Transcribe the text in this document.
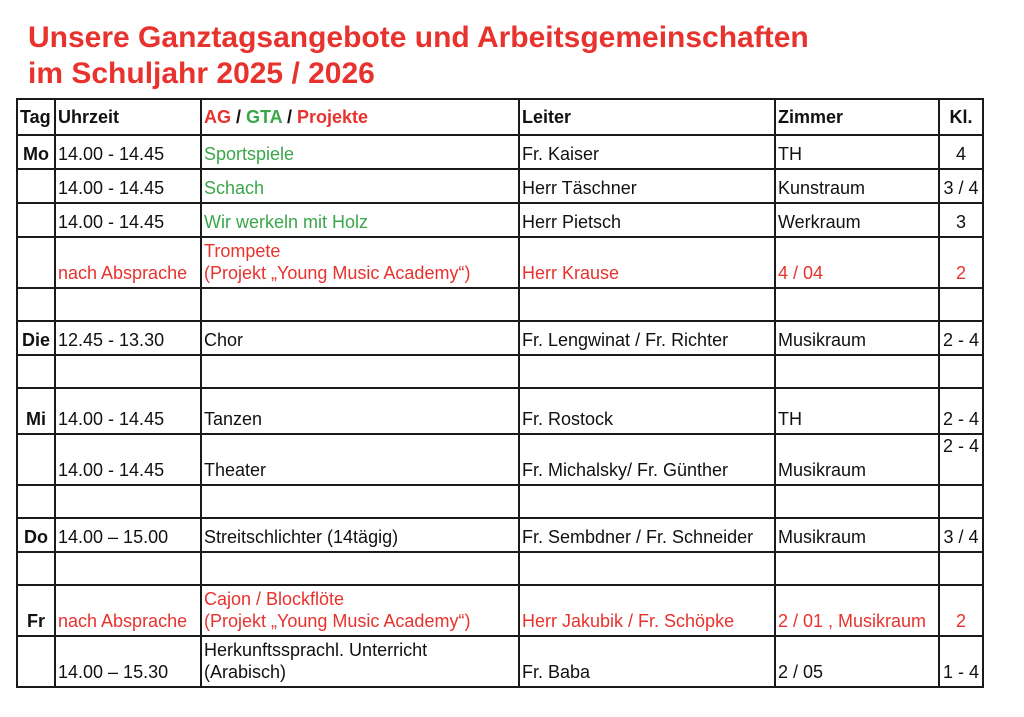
Unsere Ganztagsangebote und Arbeitsgemeinschaften
im Schuljahr 2025 / 2026
Tag	Uhrzeit	AG / GTA / Projekte	Leiter	Zimmer	Kl.
Mo	14.00 - 14.45	Sportspiele	Fr. Kaiser	TH	4
	14.00 - 14.45	Schach	Herr Täschner	Kunstraum	3 / 4
	14.00 - 14.45	Wir werkeln mit Holz	Herr Pietsch	Werkraum	3
	nach Absprache	Trompete
(Projekt „Young Music Academy“)	Herr Krause	4 / 04	2

Die	12.45 - 13.30	Chor	Fr. Lengwinat / Fr. Richter	Musikraum	2 - 4

Mi	14.00 - 14.45	Tanzen	Fr. Rostock	TH	2 - 4
	14.00 - 14.45	Theater	Fr. Michalsky/ Fr. Günther	Musikraum	2 - 4

Do	14.00 – 15.00	Streitschlichter (14tägig)	Fr. Sembdner / Fr. Schneider	Musikraum	3 / 4

Fr	nach Absprache	Cajon / Blockflöte
(Projekt „Young Music Academy“)	Herr Jakubik / Fr. Schöpke	2 / 01 , Musikraum	2
	14.00 – 15.30	Herkunftssprachl. Unterricht
(Arabisch)	Fr. Baba	2 / 05	1 - 4
